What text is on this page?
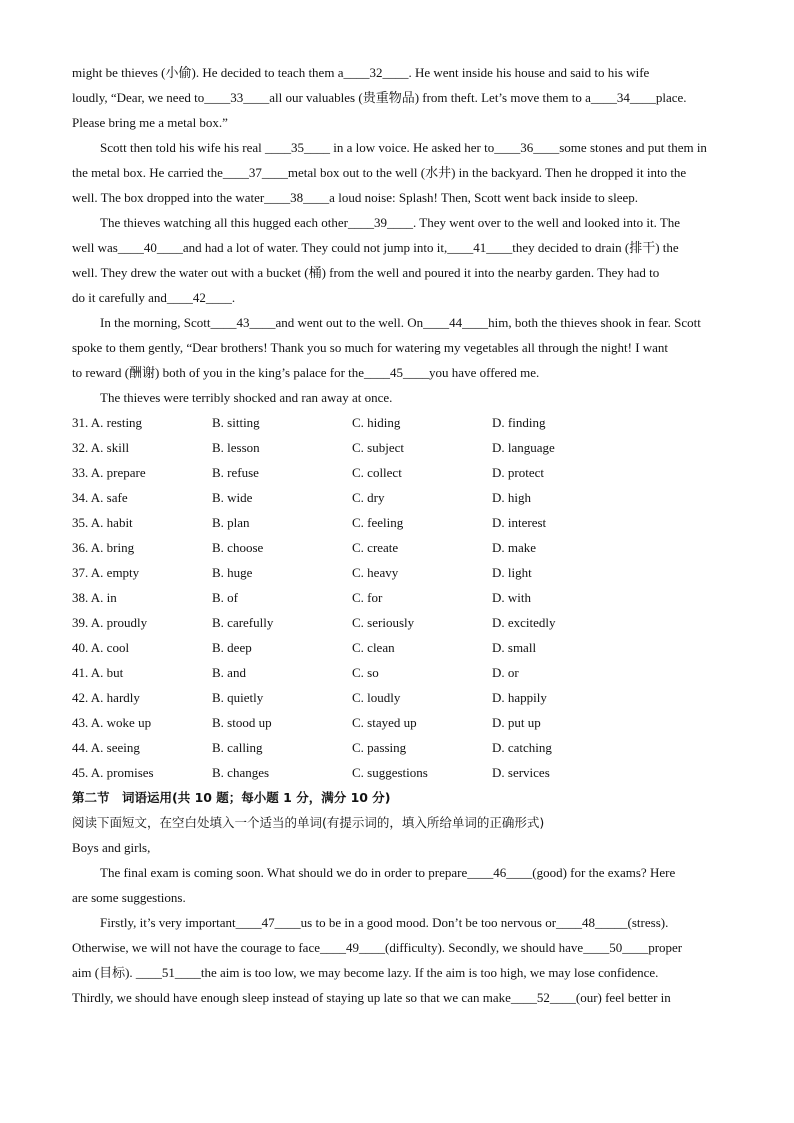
might be thieves (小偷). He decided to teach them a____32____. He went inside his house and said to his wife
loudly, “Dear, we need to____33____all our valuables (贵重物品) from theft. Let’s move them to a____34____place.
Please bring me a metal box.”
Scott then told his wife his real ____35____ in a low voice. He asked her to____36____some stones and put them in
the metal box. He carried the____37____metal box out to the well (水井) in the backyard. Then he dropped it into the
well. The box dropped into the water____38____a loud noise: Splash! Then, Scott went back inside to sleep.
The thieves watching all this hugged each other____39____. They went over to the well and looked into it. The
well was____40____and had a lot of water. They could not jump into it,____41____they decided to drain (排干) the
well. They drew the water out with a bucket (桶) from the well and poured it into the nearby garden. They had to
do it carefully and____42____.
In the morning, Scott____43____and went out to the well. On____44____him, both the thieves shook in fear. Scott
spoke to them gently, “Dear brothers! Thank you so much for watering my vegetables all through the night! I want
to reward (酬谢) both of you in the king’s palace for the____45____you have offered me.
The thieves were terribly shocked and ran away at once.
31. A. resting	B. sitting	C. hiding	D. finding
32. A. skill	B. lesson	C. subject	D. language
33. A. prepare	B. refuse	C. collect	D. protect
34. A. safe	B. wide	C. dry	D. high
35. A. habit	B. plan	C. feeling	D. interest
36. A. bring	B. choose	C. create	D. make
37. A. empty	B. huge	C. heavy	D. light
38. A. in	B. of	C. for	D. with
39. A. proudly	B. carefully	C. seriously	D. excitedly
40. A. cool	B. deep	C. clean	D. small
41. A. but	B. and	C. so	D. or
42. A. hardly	B. quietly	C. loudly	D. happily
43. A. woke up	B. stood up	C. stayed up	D. put up
44. A. seeing	B. calling	C. passing	D. catching
45. A. promises	B. changes	C. suggestions	D. services
第二节　词语运用(共 10 题；每小题 1 分，满分 10 分)
阅读下面短文，在空白处填入一个适当的单词(有提示词的，填入所给单词的正确形式)
Boys and girls,
The final exam is coming soon. What should we do in order to prepare____46____(good) for the exams? Here
are some suggestions.
Firstly, it’s very important____47____us to be in a good mood. Don’t be too nervous or____48_____(stress).
Otherwise, we will not have the courage to face____49____(difficulty). Secondly, we should have____50____proper
aim (目标). ____51____the aim is too low, we may become lazy. If the aim is too high, we may lose confidence.
Thirdly, we should have enough sleep instead of staying up late so that we can make____52____(our) feel better in
